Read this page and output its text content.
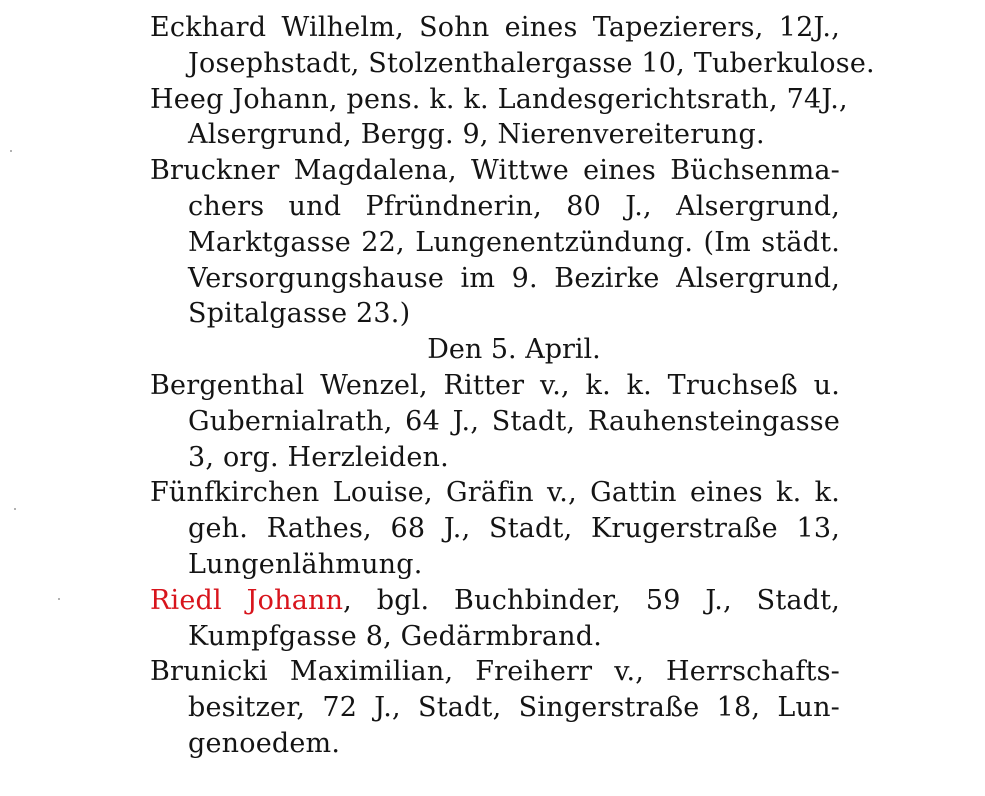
Eckhard Wilhelm, Sohn eines Tapezierers, 12J.,
Josephstadt, Stolzenthalergasse 10, Tuberkulose.
Heeg Johann, pens. k. k. Landesgerichtsrath, 74J.,
Alsergrund, Bergg. 9, Nierenvereiterung.
Bruckner Magdalena, Wittwe eines Büchsenma-
chers und Pfründnerin, 80 J., Alsergrund,
Marktgasse 22, Lungenentzündung. (Im städt.
Versorgungshause im 9. Bezirke Alsergrund,
Spitalgasse 23.)
Den 5. April.
Bergenthal Wenzel, Ritter v., k. k. Truchseß u.
Gubernialrath, 64 J., Stadt, Rauhensteingasse
3, org. Herzleiden.
Fünfkirchen Louise, Gräfin v., Gattin eines k. k.
geh. Rathes, 68 J., Stadt, Krugerstraße 13,
Lungenlähmung.
Riedl Johann, bgl. Buchbinder, 59 J., Stadt,
Kumpfgasse 8, Gedärmbrand.
Brunicki Maximilian, Freiherr v., Herrschafts-
besitzer, 72 J., Stadt, Singerstraße 18, Lun-
genoedem.
